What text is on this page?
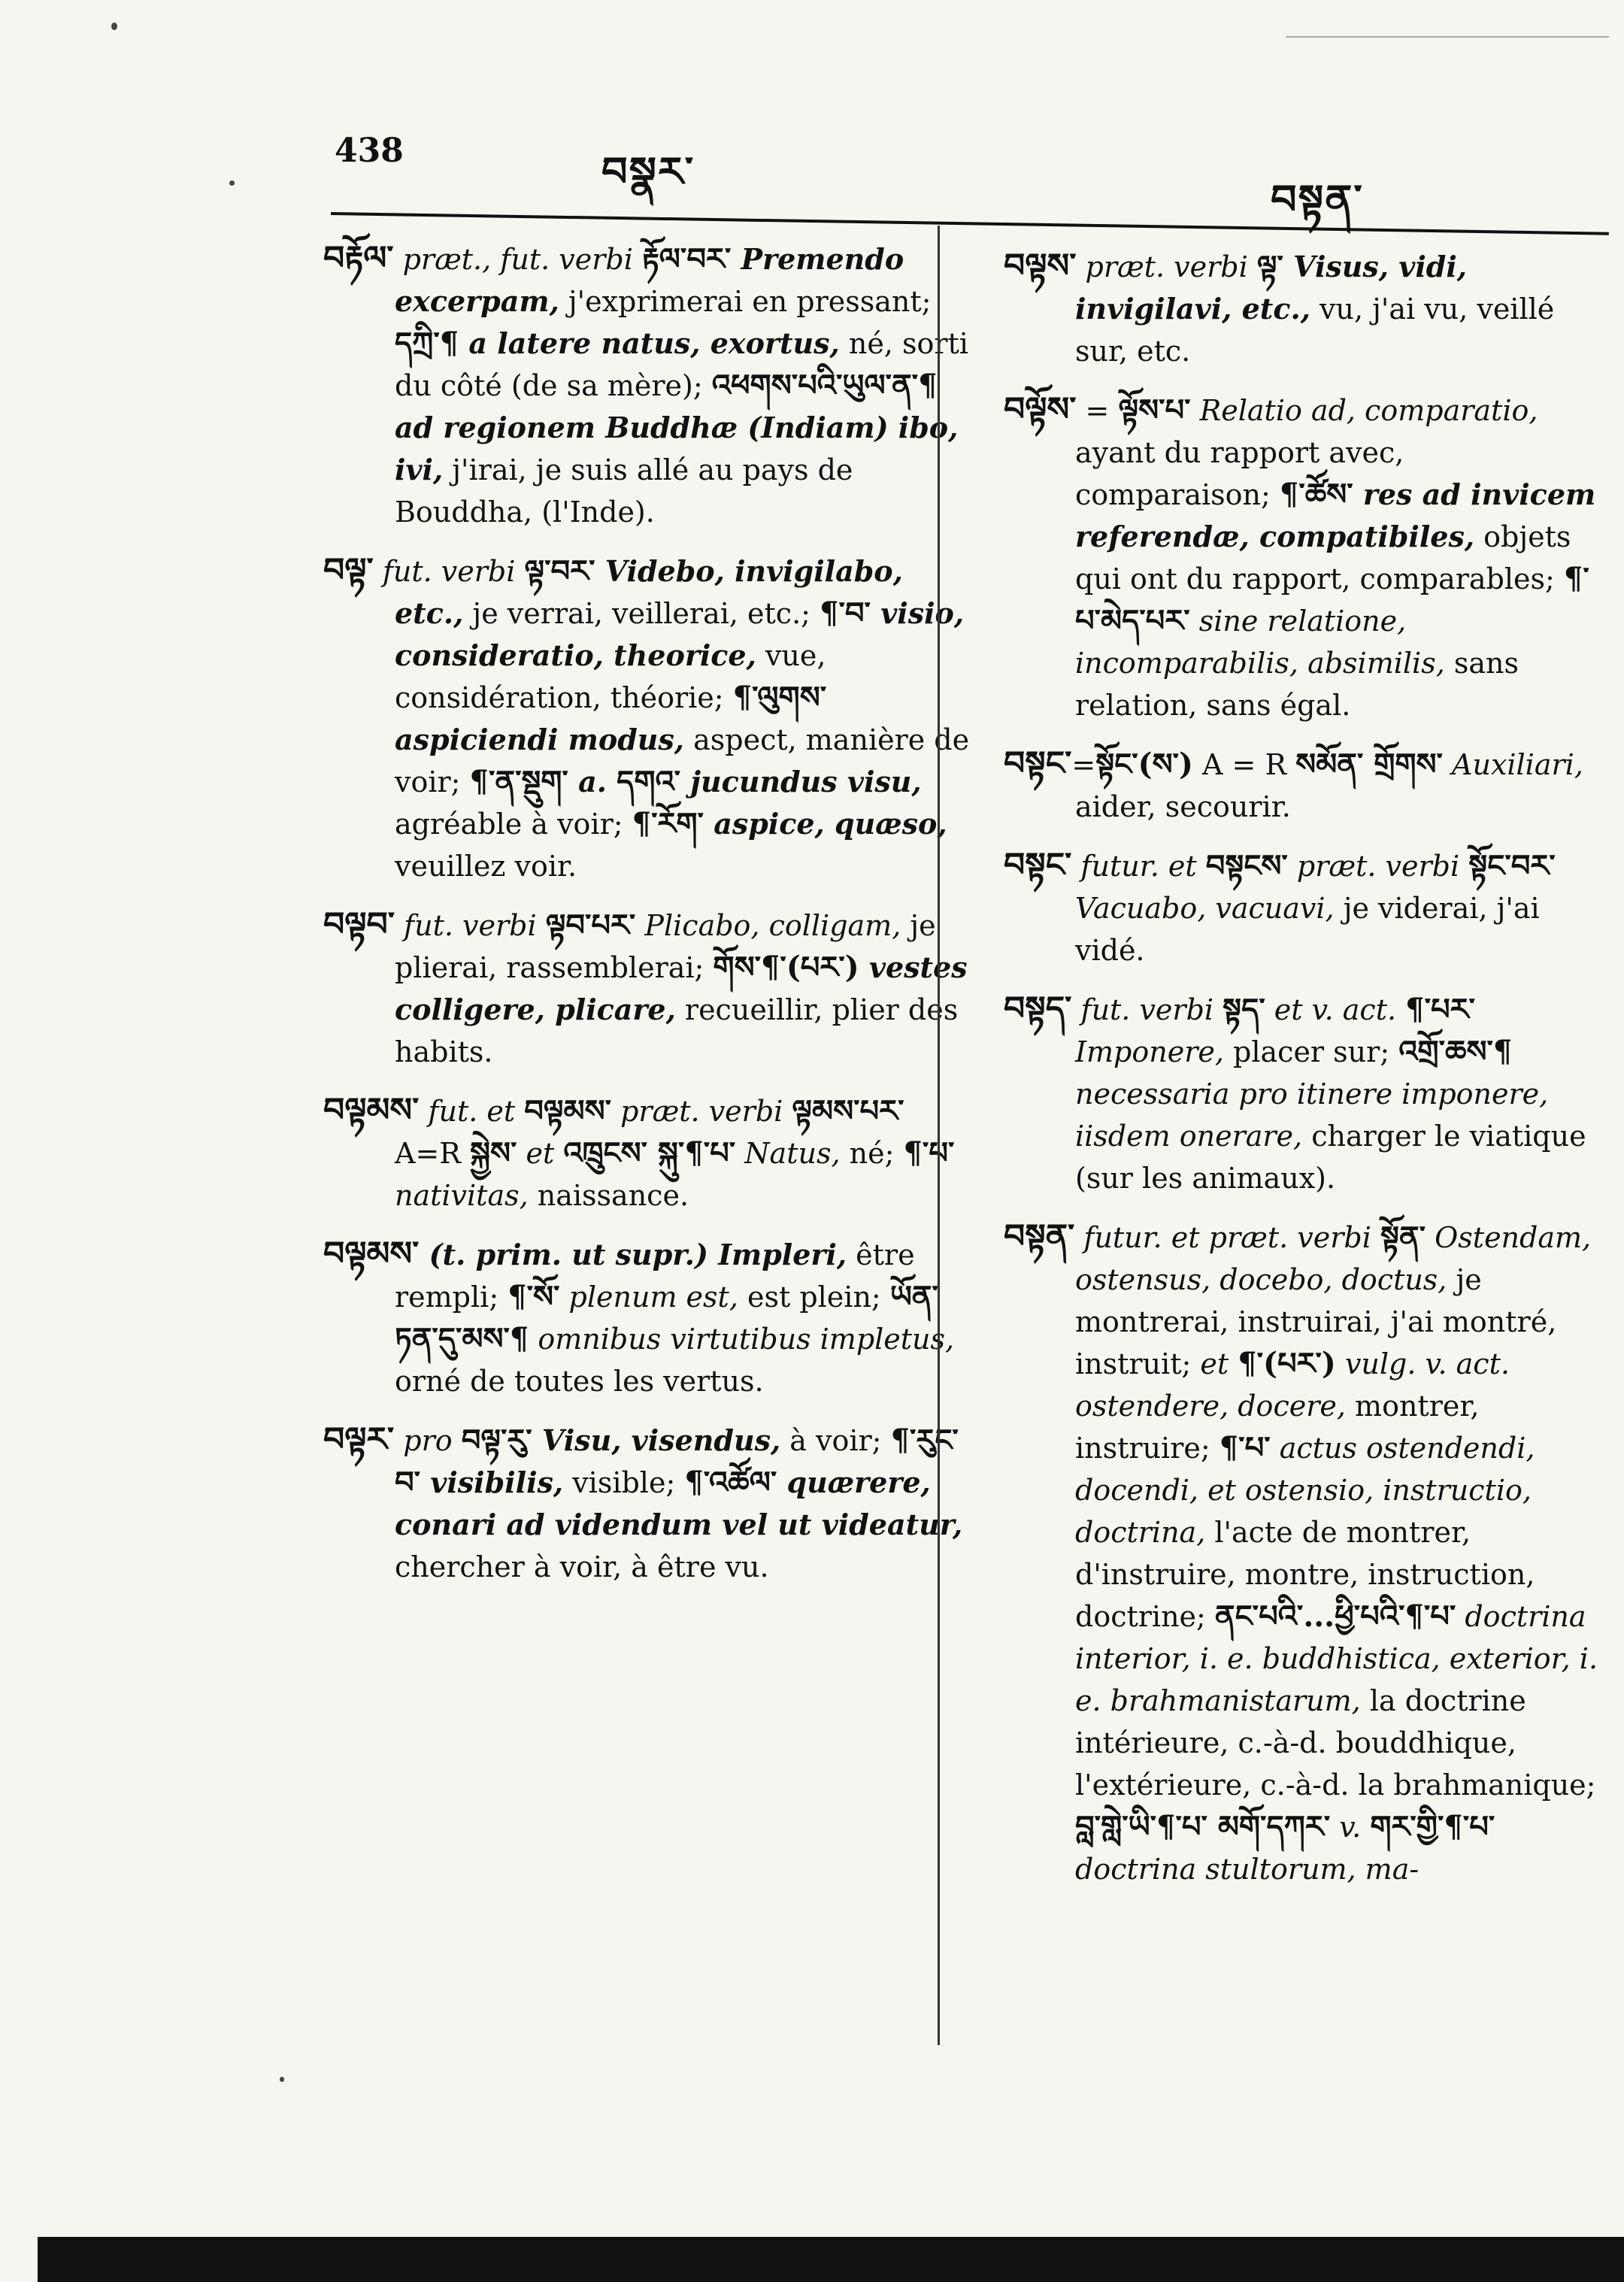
438	བསྣར་
བསྟན་

བརྟོལ་ præt., fut. verbi རྟོལ་བར་ Premendo excerpam, j'exprimerai en pressant; དཀྲི་¶ a latere natus, exortus, né, sorti du côté (de sa mère); འཕགས་པའི་ཡུལ་ན་¶ ad regionem Buddhæ (Indiam) ibo, ivi, j'irai, je suis allé au pays de Bouddha, (l'Inde).

བལྟ་ fut. verbi ལྟ་བར་ Videbo, invigilabo, etc., je verrai, veillerai, etc.; ¶་བ་ visio, consideratio, theorice, vue, considération, théorie; ¶་ལུགས་ aspiciendi modus, aspect, manière de voir; ¶་ན་སྡུག་ a. དགའ་ jucundus visu, agréable à voir; ¶་རོག་ aspice, quæso, veuillez voir.

བལྟབ་ fut. verbi ལྟབ་པར་ Plicabo, colligam, je plierai, rassemblerai; གོས་¶་(པར་) vestes colligere, plicare, recueillir, plier des habits.

བལྟམས་ fut. et བལྟམས་ præt. verbi ལྟམས་པར་ A=R སྐྱེས་ et འཁྲུངས་ སྐུ་¶་པ་ Natus, né; ¶་པ་ nativitas, naissance.

བལྟམས་ (t. prim. ut supr.) Impleri, être rempli; ¶་སོ་ plenum est, est plein; ཡོན་ཏན་དུ་མས་¶ omnibus virtutibus impletus, orné de toutes les vertus.

བལྟར་ pro བལྟ་རུ་ Visu, visendus, à voir; ¶་རུང་བ་ visibilis, visible; ¶་འཚོལ་ quærere, conari ad videndum vel ut videatur, chercher à voir, à être vu.

བལྟས་ præt. verbi ལྟ་ Visus, vidi, invigilavi, etc., vu, j'ai vu, veillé sur, etc.

བལྟོས་ = ལྟོས་པ་ Relatio ad, comparatio, ayant du rapport avec, comparaison; ¶་ཚོས་ res ad invicem referendæ, compatibiles, objets qui ont du rapport, comparables; ¶་པ་མེད་པར་ sine relatione, incomparabilis, absimilis, sans relation, sans égal.

བསྟང་=སྟོང་(ས་) A = R སམོན་ གྲོགས་ Auxiliari, aider, secourir.

བསྟང་ futur. et བསྟངས་ præt. verbi སྟོང་བར་ Vacuabo, vacuavi, je viderai, j'ai vidé.

བསྟད་ fut. verbi སྟད་ et v. act. ¶་པར་ Imponere, placer sur; འགྲོ་ཆས་¶ necessaria pro itinere imponere, iisdem onerare, charger le viatique (sur les animaux).

བསྟན་ futur. et præt. verbi སྟོན་ Ostendam, ostensus, docebo, doctus, je montrerai, instruirai, j'ai montré, instruit; et ¶་(པར་) vulg. v. act. ostendere, docere, montrer, instruire; ¶་པ་ actus ostendendi, docendi, et ostensio, instructio, doctrina, l'acte de montrer, d'instruire, montre, instruction, doctrine; ནང་པའི་...ཕྱི་པའི་¶་པ་ doctrina interior, i. e. buddhistica, exterior, i. e. brahmanistarum, la doctrine intérieure, c.-à-d. bouddhique, l'extérieure, c.-à-d. la brahmanique; བླ་གླེ་ཡི་¶་པ་ མགོ་དཀར་ v. གར་གྱི་¶་པ་ doctrina stultorum, ma-
